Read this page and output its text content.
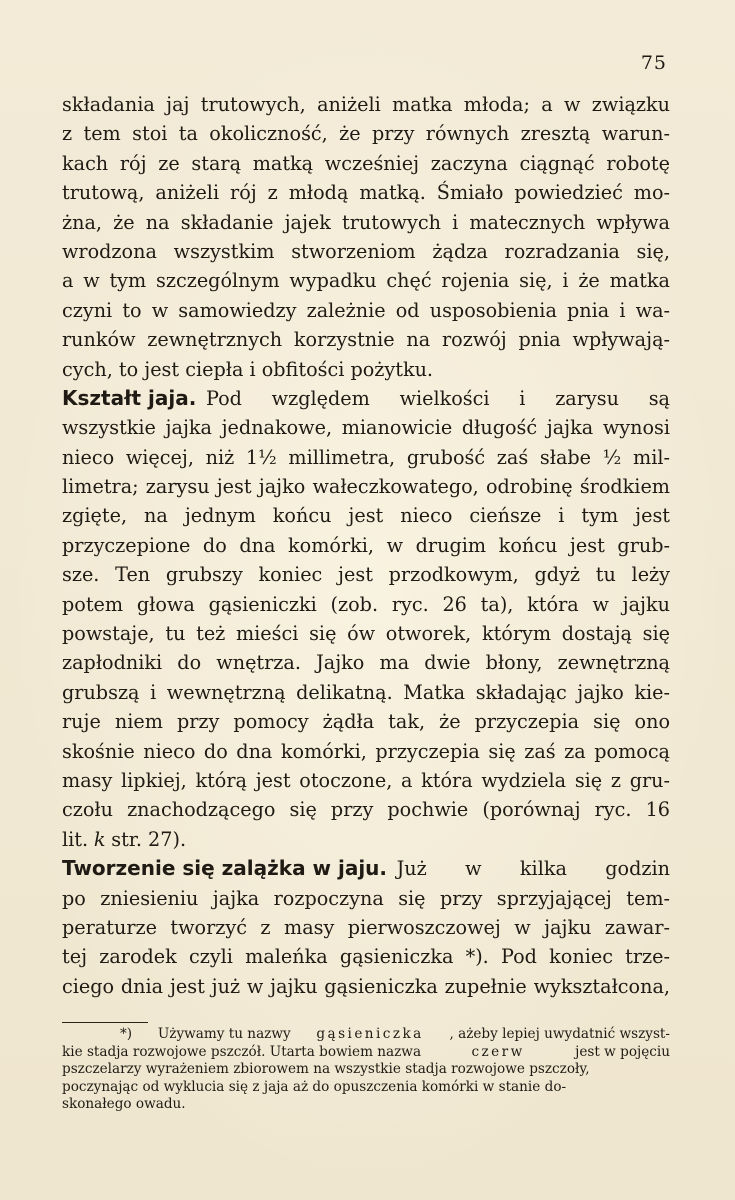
75
składania jaj trutowych, aniżeli matka młoda; a w związku
z tem stoi ta okoliczność, że przy równych zresztą warun-
kach rój ze starą matką wcześniej zaczyna ciągnąć robotę
trutową, aniżeli rój z młodą matką. Śmiało powiedzieć mo-
żna, że na składanie jajek trutowych i matecznych wpływa
wrodzona wszystkim stworzeniom żądza rozradzania się,
a w tym szczególnym wypadku chęć rojenia się, i że matka
czyni to w samowiedzy zależnie od usposobienia pnia i wa-
runków zewnętrznych korzystnie na rozwój pnia wpływają-
cych, to jest ciepła i obfitości pożytku.
Kształt jaja. Pod względem wielkości i zarysu są
wszystkie jajka jednakowe, mianowicie długość jajka wynosi
nieco więcej, niż 1½ millimetra, grubość zaś słabe ½ mil-
limetra; zarysu jest jajko wałeczkowatego, odrobinę środkiem
zgięte, na jednym końcu jest nieco cieńsze i tym jest
przyczepione do dna komórki, w drugim końcu jest grub-
sze. Ten grubszy koniec jest przodkowym, gdyż tu leży
potem głowa gąsieniczki (zob. ryc. 26 ta), która w jajku
powstaje, tu też mieści się ów otworek, którym dostają się
zapłodniki do wnętrza. Jajko ma dwie błony, zewnętrzną
grubszą i wewnętrzną delikatną. Matka składając jajko kie-
ruje niem przy pomocy żądła tak, że przyczepia się ono
skośnie nieco do dna komórki, przyczepia się zaś za pomocą
masy lipkiej, którą jest otoczone, a która wydziela się z gru-
czołu znachodzącego się przy pochwie (porównaj ryc. 16
lit. k str. 27).
Tworzenie się zalążka w jaju. Już w kilka godzin
po zniesieniu jajka rozpoczyna się przy sprzyjającej tem-
peraturze tworzyć z masy pierwoszczowej w jajku zawar-
tej zarodek czyli maleńka gąsieniczka *). Pod koniec trze-
ciego dnia jest już w jajku gąsieniczka zupełnie wykształcona,
*) Używamy tu nazwy gąsieniczka , ażeby lepiej uwydatnić wszyst-
kie stadja rozwojowe pszczół. Utarta bowiem nazwa	czerw	jest w pojęciu
pszczelarzy wyrażeniem zbiorowem na wszystkie stadja rozwojowe pszczoły,
poczynając od wyklucia się z jaja aż do opuszczenia komórki w stanie do-
skonałego owadu.
